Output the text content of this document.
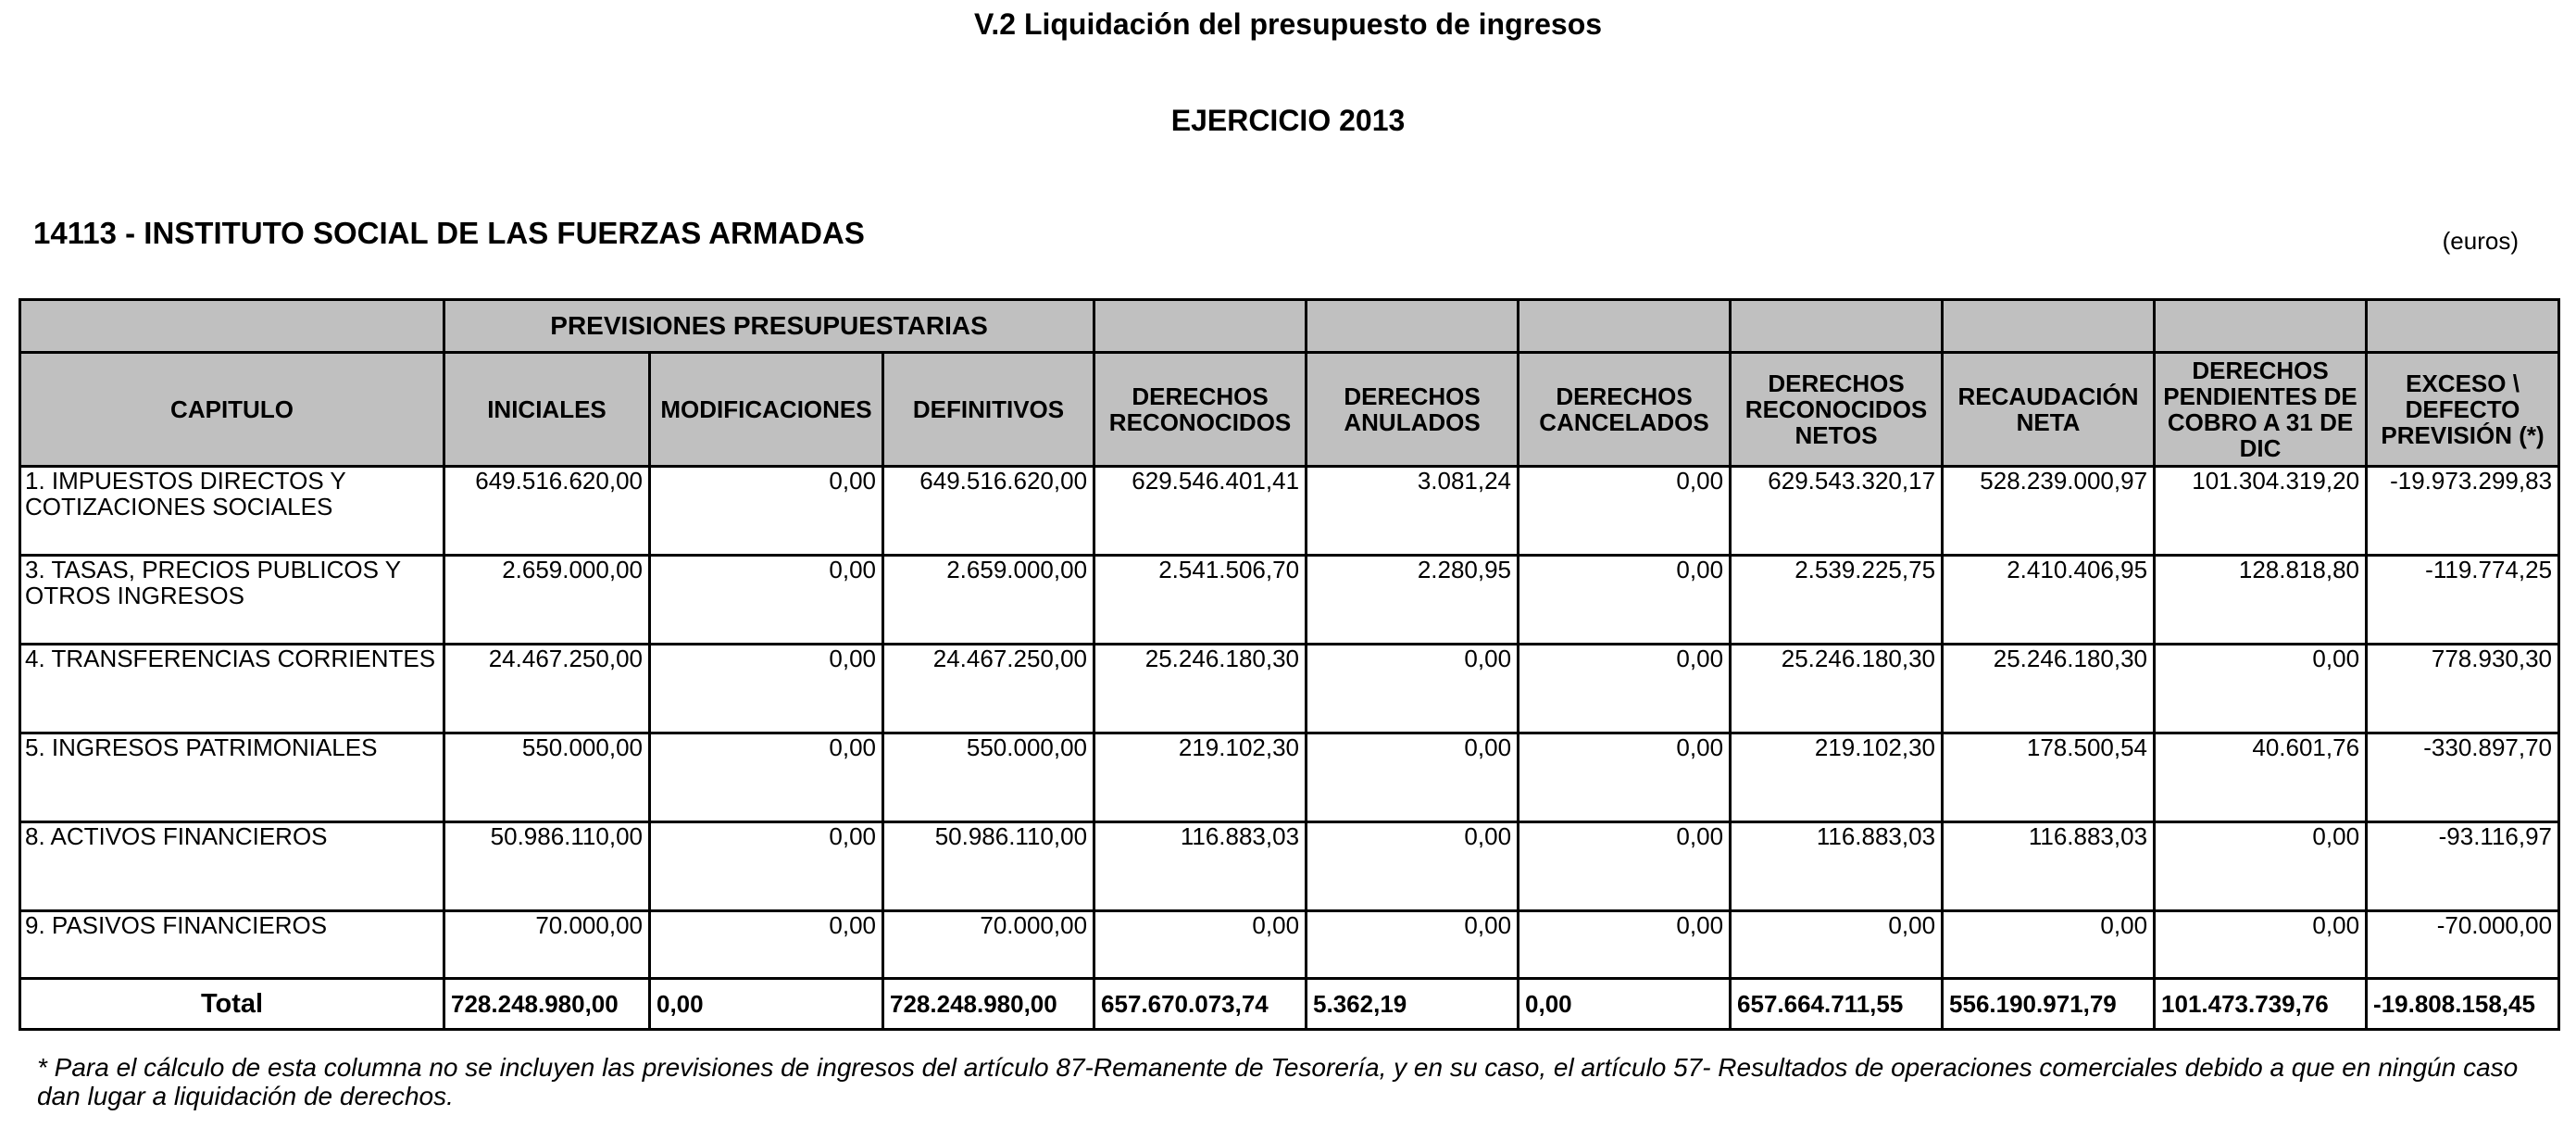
V.2 Liquidación del presupuesto de ingresos
EJERCICIO 2013
14113 - INSTITUTO SOCIAL DE LAS FUERZAS ARMADAS	(euros)
	PREVISIONES PRESUPUESTARIAS									
CAPITULO	INICIALES	MODIFICACIONES	DEFINITIVOS	DERECHOS RECONOCIDOS	DERECHOS ANULADOS	DERECHOS CANCELADOS	DERECHOS RECONOCIDOS NETOS	RECAUDACIÓN NETA	DERECHOS PENDIENTES DE COBRO A 31 DE DIC	EXCESO \ DEFECTO PREVISIÓN (*)
1. IMPUESTOS DIRECTOS Y COTIZACIONES SOCIALES	649.516.620,00	0,00	649.516.620,00	629.546.401,41	3.081,24	0,00	629.543.320,17	528.239.000,97	101.304.319,20	-19.973.299,83
3. TASAS, PRECIOS PUBLICOS Y OTROS INGRESOS	2.659.000,00	0,00	2.659.000,00	2.541.506,70	2.280,95	0,00	2.539.225,75	2.410.406,95	128.818,80	-119.774,25
4. TRANSFERENCIAS CORRIENTES	24.467.250,00	0,00	24.467.250,00	25.246.180,30	0,00	0,00	25.246.180,30	25.246.180,30	0,00	778.930,30
5. INGRESOS PATRIMONIALES	550.000,00	0,00	550.000,00	219.102,30	0,00	0,00	219.102,30	178.500,54	40.601,76	-330.897,70
8. ACTIVOS FINANCIEROS	50.986.110,00	0,00	50.986.110,00	116.883,03	0,00	0,00	116.883,03	116.883,03	0,00	-93.116,97
9. PASIVOS FINANCIEROS	70.000,00	0,00	70.000,00	0,00	0,00	0,00	0,00	0,00	0,00	-70.000,00
Total	728.248.980,00	0,00	728.248.980,00	657.670.073,74	5.362,19	0,00	657.664.711,55	556.190.971,79	101.473.739,76	-19.808.158,45
* Para el cálculo de esta columna no se incluyen las previsiones de ingresos del artículo 87-Remanente de Tesorería, y en su caso, el artículo 57- Resultados de operaciones comerciales debido a que en ningún caso dan lugar a liquidación de derechos.
